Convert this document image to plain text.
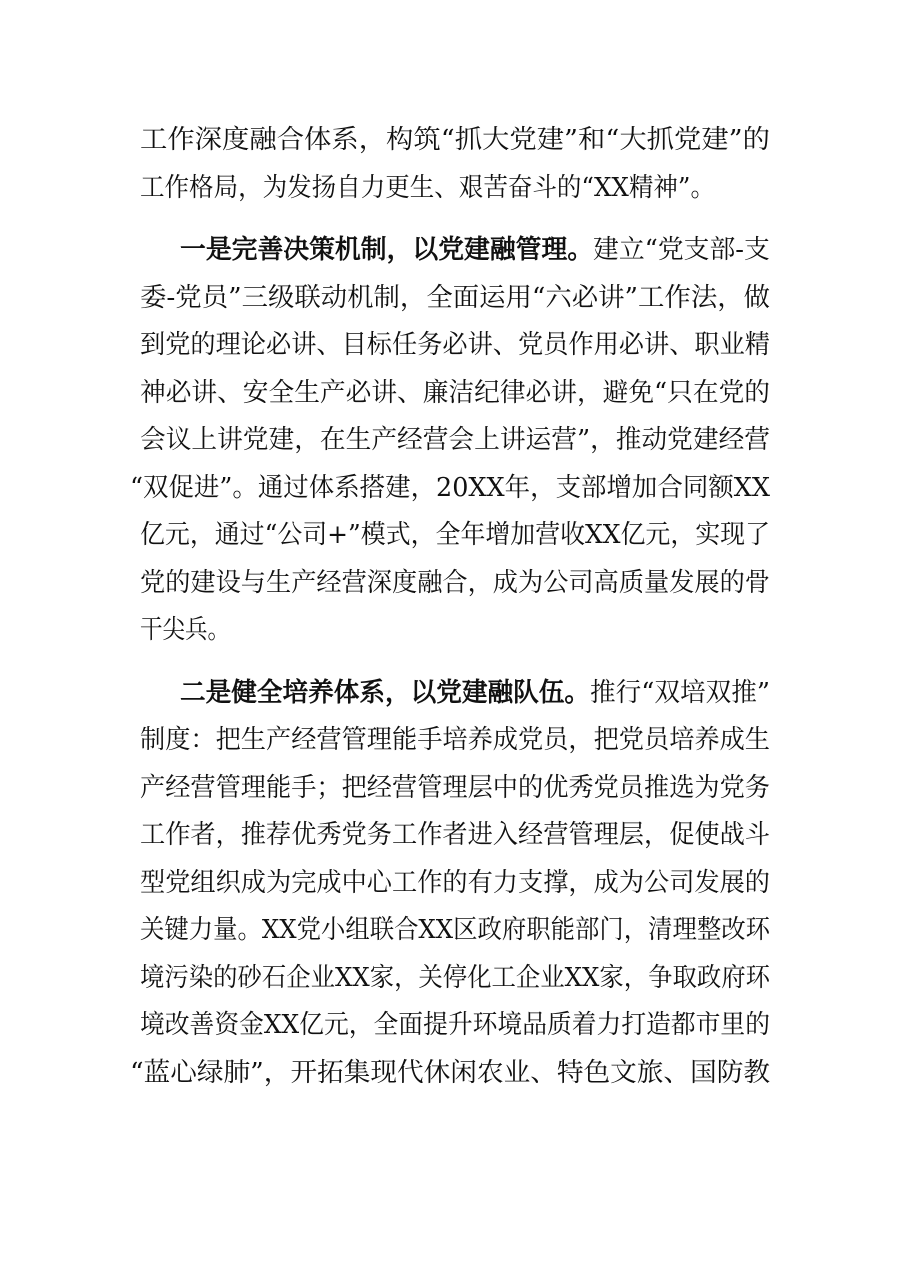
工作深度融合体系，构筑“抓大党建”和“大抓党建”的

工作格局，为发扬自力更生、艰苦奋斗的“XX精神”。

一是完善决策机制，以党建融管理。

建立“党支部-支

委-党员”三级联动机制，全面运用“六必讲”工作法，做

到党的理论必讲、目标任务必讲、党员作用必讲、职业精

神必讲、安全生产必讲、廉洁纪律必讲，避免“只在党的

会议上讲党建，在生产经营会上讲运营”，推动党建经营

“双促进”。通过体系搭建，20XX年，支部增加合同额XX

亿元，通过“公司+”模式，全年增加营收XX亿元，实现了

党的建设与生产经营深度融合，成为公司高质量发展的骨

干尖兵。

二是健全培养体系，以党建融队伍。

推行“双培双推”

制度：把生产经营管理能手培养成党员，把党员培养成生

产经营管理能手；把经营管理层中的优秀党员推选为党务

工作者，推荐优秀党务工作者进入经营管理层，促使战斗

型党组织成为完成中心工作的有力支撑，成为公司发展的

关键力量。XX党小组联合XX区政府职能部门，清理整改环

境污染的砂石企业XX家，关停化工企业XX家，争取政府环

境改善资金XX亿元，全面提升环境品质着力打造都市里的

“蓝心绿肺”，开拓集现代休闲农业、特色文旅、国防教
